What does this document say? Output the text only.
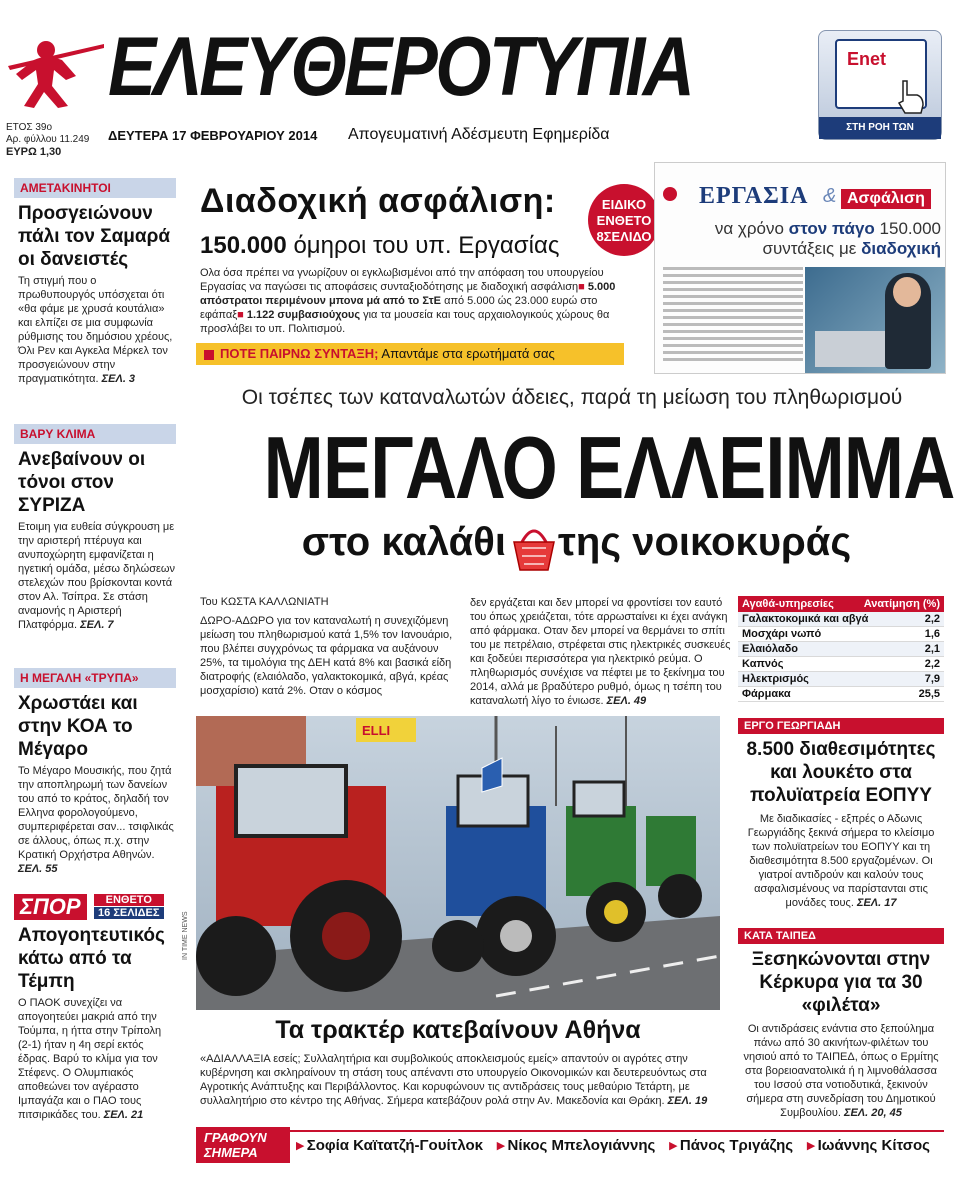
ΕΛΕΥΘΕΡΟΤΥΠΙΑ
ΕΤΟΣ 39ο
Αρ. φύλλου 11.249
ΕΥΡΩ 1,30
ΔΕΥΤΕΡΑ 17 ΦΕΒΡΟΥΑΡΙΟΥ 2014 Απογευματινή Αδέσμευτη Εφημερίδα
Enet
ΣΤΗ ΡΟΗ ΤΩΝ ΓΕΓΟΝΟΤΩΝ
ΑΜΕΤΑΚΙΝΗΤΟΙ
Προσγειώνουν πάλι τον Σαμαρά οι δανειστές
Τη στιγμή που ο πρωθυπουργός υπόσχεται ότι «θα φάμε με χρυσά κουτάλια» και ελπίζει σε μια συμφωνία ρύθμισης του δημόσιου χρέους, Όλι Ρεν και Αγκελα Μέρκελ τον προσγειώνουν στην πραγματικότητα. ΣΕΛ. 3
ΒΑΡΥ ΚΛΙΜΑ
Ανεβαίνουν οι τόνοι στον ΣΥΡΙΖΑ
Ετοιμη για ευθεία σύγκρουση με την αριστερή πτέρυγα και ανυποχώρητη εμφανίζεται η ηγετική ομάδα, μέσω δηλώσεων στελεχών που βρίσκονται κοντά στον Αλ. Τσίπρα. Σε στάση αναμονής η Αριστερή Πλατφόρμα. ΣΕΛ. 7
Η ΜΕΓΑΛΗ «ΤΡΥΠΑ»
Χρωστάει και στην ΚΟΑ το Μέγαρο
Το Μέγαρο Μουσικής, που ζητά την αποπληρωμή των δανείων του από το κράτος, δηλαδή τον Ελληνα φορολογούμενο, συμπεριφέρεται σαν... τσιφλικάς σε άλλους, όπως π.χ. στην Κρατική Ορχήστρα Αθηνών. ΣΕΛ. 55
ΣΠΟΡ	ΕΝΘΕΤΟ
16 ΣΕΛΙΔΕΣ
Απογοητευτικός κάτω από τα Τέμπη
Ο ΠΑΟΚ συνεχίζει να απογοητεύει μακριά από την Τούμπα, η ήττα στην Τρίπολη (2-1) ήταν η 4η σερί εκτός έδρας. Βαρύ το κλίμα για τον Στέφενς. Ο Ολυμπιακός αποθεώνει τον αγέραστο Ιμπαγάζα και ο ΠΑΟ τους πιτσιρικάδες του. ΣΕΛ. 21
Διαδοχική ασφάλιση:
150.000 όμηροι του υπ. Εργασίας
Ολα όσα πρέπει να γνωρίζουν οι εγκλωβισμένοι από την απόφαση του υπουργείου Εργασίας να παγώσει τις αποφάσεις συνταξιοδότησης με διαδοχική ασφάλιση■ 5.000 απόστρατοι περιμένουν μπονα μά από το ΣτΕ από 5.000 ώς 23.000 ευρώ στο εφάπαξ■ 1.122 συμβασιούχους για τα μουσεία και τους αρχαιολογικούς χώρους θα προσλάβει το υπ. Πολιτισμού.
ΠΟΤΕ ΠΑΙΡΝΩ ΣΥΝΤΑΞΗ; Απαντάμε στα ερωτήματά σας
ΕΙΔΙΚΟ
ΕΝΘΕΤΟ
8ΣΕΛΙΔΟ
ΕΡΓΑΣΙΑ & Ασφάλιση
να χρόνο στον πάγο 150.000
συντάξεις με διαδοχική
Οι τσέπες των καταναλωτών άδειες, παρά τη μείωση του πληθωρισμού
ΜΕΓΑΛΟ ΕΛΛΕΙΜΜΑ
στο καλάθι της νοικοκυράς
Του ΚΩΣΤΑ ΚΑΛΛΩΝΙΑΤΗ
ΔΩΡΟ-ΑΔΩΡΟ για τον καταναλωτή η συνεχιζόμενη μείωση του πληθωρισμού κατά 1,5% τον Ιανουάριο, που βλέπει συγχρόνως τα φάρμακα να αυξάνουν 25%, τα τιμολόγια της ΔΕΗ κατά 8% και βασικά είδη διατροφής (ελαιόλαδο, γαλακτοκομικά, αβγά, κρέας μοσχαρίσιο) κατά 2%. Οταν ο κόσμος
δεν εργάζεται και δεν μπορεί να φροντίσει τον εαυτό του όπως χρειάζεται, τότε αρρωσταίνει κι έχει ανάγκη από φάρμακα. Οταν δεν μπορεί να θερμάνει το σπίτι του με πετρέλαιο, στρέφεται στις ηλεκτρικές συσκευές και ξοδεύει περισσότερα για ηλεκτρικό ρεύμα. Ο πληθωρισμός συνέχισε να πέφτει με το ξεκίνημα του 2014, αλλά με βραδύτερο ρυθμό, όμως η τσέπη του καταναλωτή λίγο το ένιωσε. ΣΕΛ. 49
Αγαθά-υπηρεσίες	Ανατίμηση (%)
Γαλακτοκομικά και αβγά	2,2
Μοσχάρι νωπό	1,6
Ελαιόλαδο	2,1
Καπνός	2,2
Ηλεκτρισμός	7,9
Φάρμακα	25,5
ELLI
IN TIME NEWS
Τα τρακτέρ κατεβαίνουν Αθήνα
«ΑΔΙΑΛΛΑΞΙΑ εσείς; Συλλαλητήρια και συμβολικούς αποκλεισμούς εμείς» απαντούν οι αγρότες στην κυβέρνηση και σκληραίνουν τη στάση τους απέναντι στο υπουργείο Οικονομικών και δευτερευόντως στα Αγροτικής Ανάπτυξης και Περιβάλλοντος. Και κορυφώνουν τις αντιδράσεις τους μεθαύριο Τετάρτη, με συλλαλητήριο στο κέντρο της Αθήνας. Σήμερα κατεβάζουν ρολά στην Αν. Μακεδονία και Θράκη. ΣΕΛ. 19
ΕΡΓΟ ΓΕΩΡΓΙΑΔΗ
8.500 διαθεσιμότητες και λουκέτο στα πολυϊατρεία ΕΟΠΥΥ
Με διαδικασίες - εξπρές ο Αδωνις Γεωργιάδης ξεκινά σήμερα το κλείσιμο των πολυϊατρείων του ΕΟΠΥΥ και τη διαθεσιμότητα 8.500 εργαζομένων. Οι γιατροί αντιδρούν και καλούν τους ασφαλισμένους να παρίστανται στις μονάδες τους. ΣΕΛ. 17
ΚΑΤΑ ΤΑΙΠΕΔ
Ξεσηκώνονται στην Κέρκυρα για τα 30 «φιλέτα»
Οι αντιδράσεις ενάντια στο ξεπούλημα πάνω από 30 ακινήτων-φιλέτων του νησιού από το ΤΑΙΠΕΔ, όπως ο Ερμίτης στα βορειοανατολικά ή η λιμνοθάλασσα του Ισσού στα νοτιοδυτικά, ξεκινούν σήμερα στη συνεδρίαση του Δημοτικού Συμβουλίου. ΣΕΛ. 20, 45
ΓΡΑΦΟΥΝ ΣΗΜΕΡΑ	▸ Σοφία Καϊτατζή-Γουίτλοκ	▸ Νίκος Μπελογιάννης	▸ Πάνος Τριγάζης	▸ Ιωάννης Κίτσος
